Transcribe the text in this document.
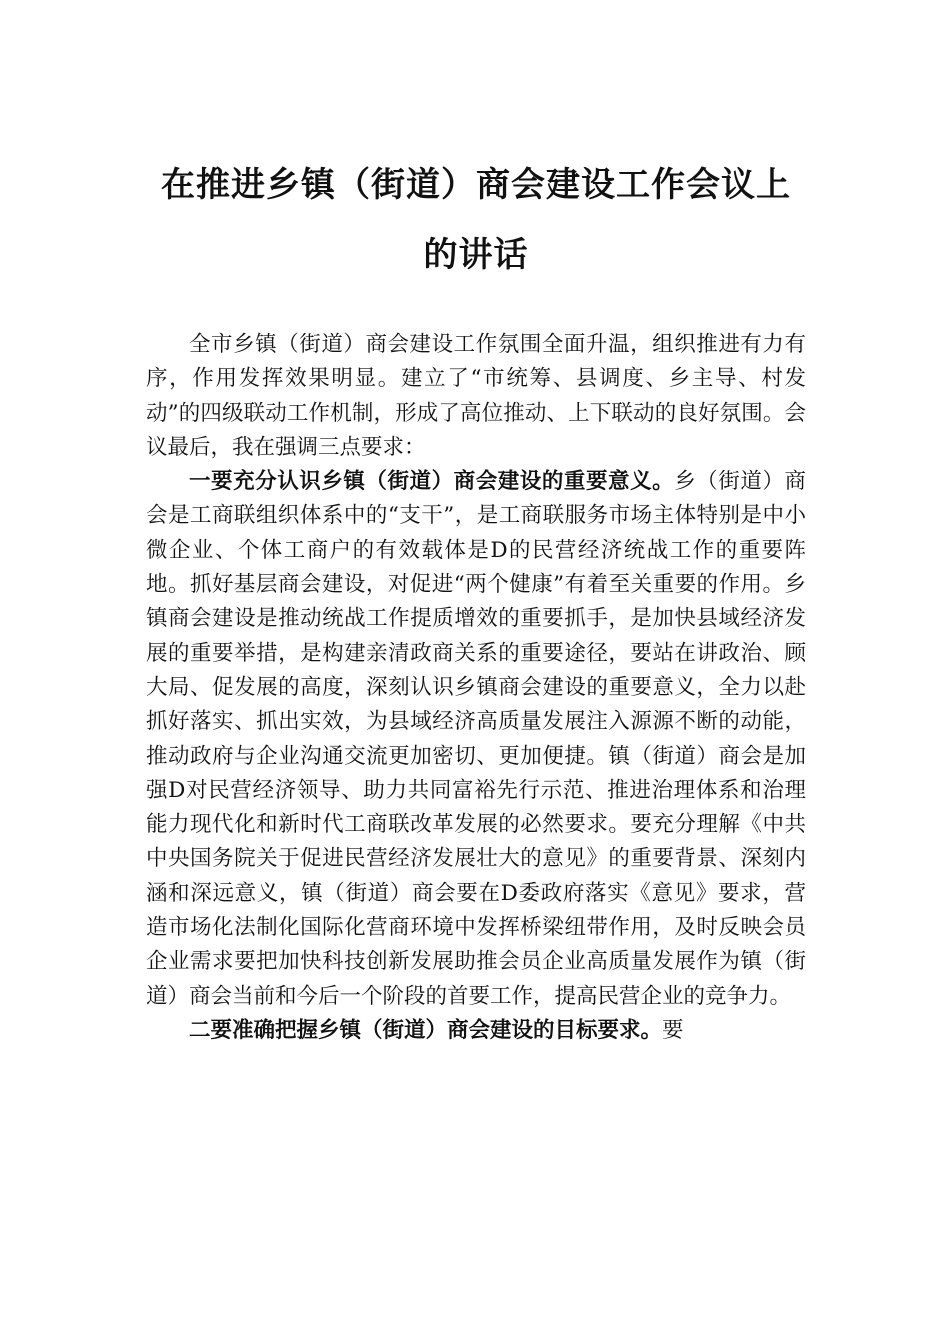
在推进乡镇（街道）商会建设工作会议上
的讲话

全市乡镇（街道）商会建设工作氛围全面升温，组织推进有力有序，作用发挥效果明显。建立了“市统筹、县调度、乡主导、村发动”的四级联动工作机制，形成了高位推动、上下联动的良好氛围。会议最后，我在强调三点要求：

一要充分认识乡镇（街道）商会建设的重要意义。乡（街道）商会是工商联组织体系中的“支干”，是工商联服务市场主体特别是中小微企业、个体工商户的有效载体是D的民营经济统战工作的重要阵地。抓好基层商会建设，对促进“两个健康”有着至关重要的作用。乡镇商会建设是推动统战工作提质增效的重要抓手，是加快县域经济发展的重要举措，是构建亲清政商关系的重要途径，要站在讲政治、顾大局、促发展的高度，深刻认识乡镇商会建设的重要意义，全力以赴抓好落实、抓出实效，为县域经济高质量发展注入源源不断的动能，推动政府与企业沟通交流更加密切、更加便捷。镇（街道）商会是加强D对民营经济领导、助力共同富裕先行示范、推进治理体系和治理能力现代化和新时代工商联改革发展的必然要求。要充分理解《中共中央国务院关于促进民营经济发展壮大的意见》的重要背景、深刻内涵和深远意义，镇（街道）商会要在D委政府落实《意见》要求，营造市场化法制化国际化营商环境中发挥桥梁纽带作用，及时反映会员企业需求要把加快科技创新发展助推会员企业高质量发展作为镇（街道）商会当前和今后一个阶段的首要工作，提高民营企业的竞争力。

二要准确把握乡镇（街道）商会建设的目标要求。要
